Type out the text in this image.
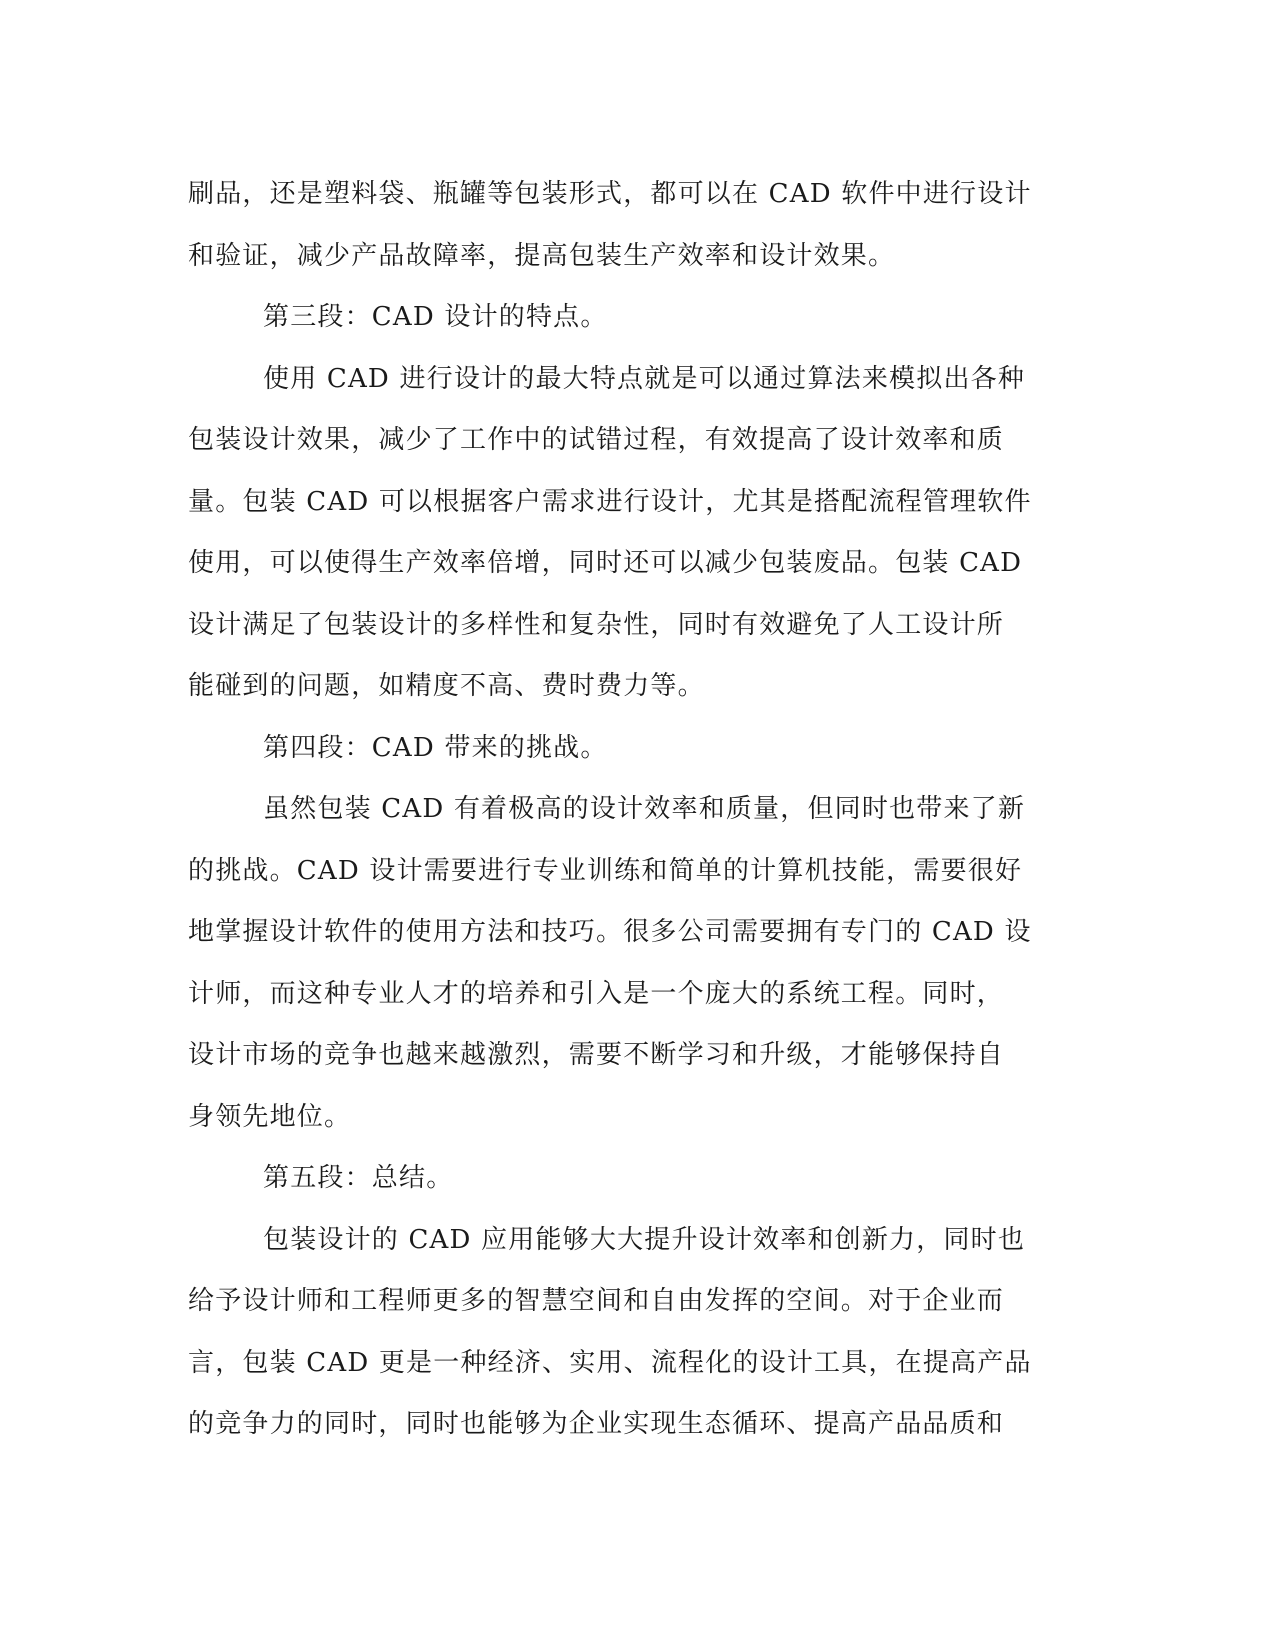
刷品，还是塑料袋、瓶罐等包装形式，都可以在 CAD 软件中进行设计
和验证，减少产品故障率，提高包装生产效率和设计效果。
第三段：CAD 设计的特点。
使用 CAD 进行设计的最大特点就是可以通过算法来模拟出各种
包装设计效果，减少了工作中的试错过程，有效提高了设计效率和质
量。包装 CAD 可以根据客户需求进行设计，尤其是搭配流程管理软件
使用，可以使得生产效率倍增，同时还可以减少包装废品。包装 CAD
设计满足了包装设计的多样性和复杂性，同时有效避免了人工设计所
能碰到的问题，如精度不高、费时费力等。
第四段：CAD 带来的挑战。
虽然包装 CAD 有着极高的设计效率和质量，但同时也带来了新
的挑战。CAD 设计需要进行专业训练和简单的计算机技能，需要很好
地掌握设计软件的使用方法和技巧。很多公司需要拥有专门的 CAD 设
计师，而这种专业人才的培养和引入是一个庞大的系统工程。同时，
设计市场的竞争也越来越激烈，需要不断学习和升级，才能够保持自
身领先地位。
第五段：总结。
包装设计的 CAD 应用能够大大提升设计效率和创新力，同时也
给予设计师和工程师更多的智慧空间和自由发挥的空间。对于企业而
言，包装 CAD 更是一种经济、实用、流程化的设计工具，在提高产品
的竞争力的同时，同时也能够为企业实现生态循环、提高产品品质和
